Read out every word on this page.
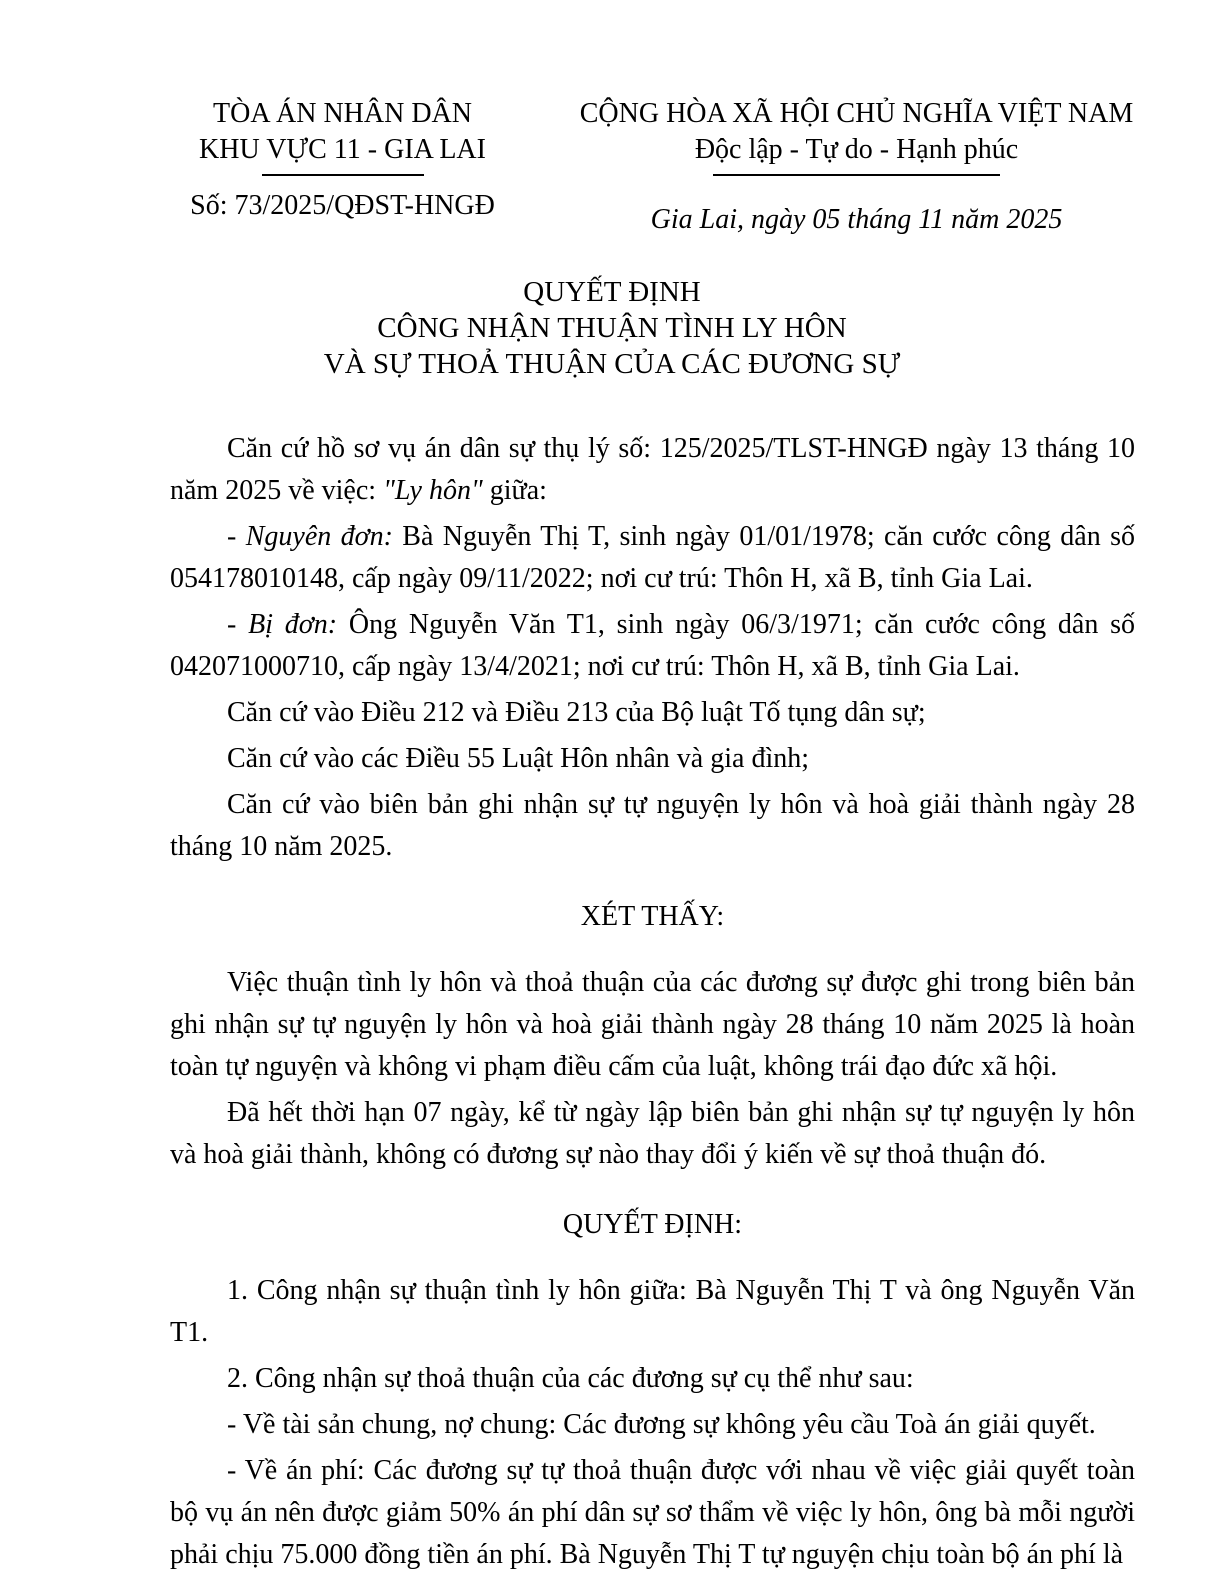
TÒA ÁN NHÂN DÂN
KHU VỰC 11 - GIA LAI
Số: 73/2025/QĐST-HNGĐ
CỘNG HÒA XÃ HỘI CHỦ NGHĨA VIỆT NAM
Độc lập - Tự do - Hạnh phúc
Gia Lai, ngày 05 tháng 11 năm 2025
QUYẾT ĐỊNH
CÔNG NHẬN THUẬN TÌNH LY HÔN
VÀ SỰ THOẢ THUẬN CỦA CÁC ĐƯƠNG SỰ

Căn cứ hồ sơ vụ án dân sự thụ lý số: 125/2025/TLST-HNGĐ ngày 13 tháng 10 năm 2025 về việc: "Ly hôn" giữa:

- Nguyên đơn: Bà Nguyễn Thị T, sinh ngày 01/01/1978; căn cước công dân số 054178010148, cấp ngày 09/11/2022; nơi cư trú: Thôn H, xã B, tỉnh Gia Lai.

- Bị đơn: Ông Nguyễn Văn T1, sinh ngày 06/3/1971; căn cước công dân số 042071000710, cấp ngày 13/4/2021; nơi cư trú: Thôn H, xã B, tỉnh Gia Lai.

Căn cứ vào Điều 212 và Điều 213 của Bộ luật Tố tụng dân sự;

Căn cứ vào các Điều 55 Luật Hôn nhân và gia đình;

Căn cứ vào biên bản ghi nhận sự tự nguyện ly hôn và hoà giải thành ngày 28 tháng 10 năm 2025.

XÉT THẤY:

Việc thuận tình ly hôn và thoả thuận của các đương sự được ghi trong biên bản ghi nhận sự tự nguyện ly hôn và hoà giải thành ngày 28 tháng 10 năm 2025 là hoàn toàn tự nguyện và không vi phạm điều cấm của luật, không trái đạo đức xã hội.

Đã hết thời hạn 07 ngày, kể từ ngày lập biên bản ghi nhận sự tự nguyện ly hôn và hoà giải thành, không có đương sự nào thay đổi ý kiến về sự thoả thuận đó.

QUYẾT ĐỊNH:

1. Công nhận sự thuận tình ly hôn giữa: Bà Nguyễn Thị T và ông Nguyễn Văn T1.

2. Công nhận sự thoả thuận của các đương sự cụ thể như sau:

- Về tài sản chung, nợ chung: Các đương sự không yêu cầu Toà án giải quyết.

- Về án phí: Các đương sự tự thoả thuận được với nhau về việc giải quyết toàn bộ vụ án nên được giảm 50% án phí dân sự sơ thẩm về việc ly hôn, ông bà mỗi người phải chịu 75.000 đồng tiền án phí. Bà Nguyễn Thị T tự nguyện chịu toàn bộ án phí là
